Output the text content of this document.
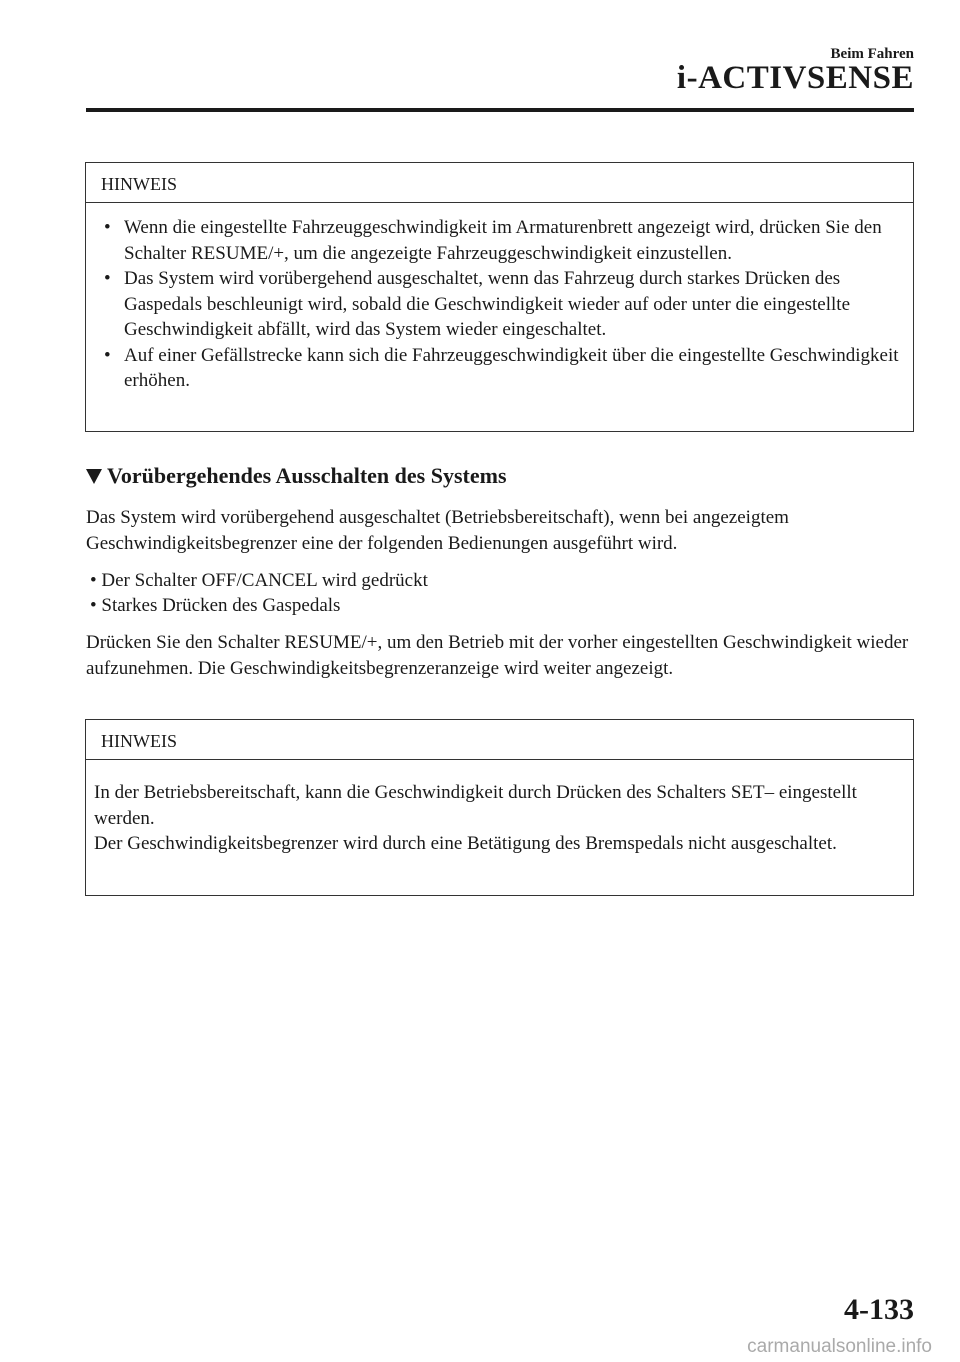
Beim Fahren
i-ACTIVSENSE
HINWEIS
• Wenn die eingestellte Fahrzeuggeschwindigkeit im Armaturenbrett angezeigt wird, drücken Sie den Schalter RESUME/+, um die angezeigte Fahrzeuggeschwindigkeit einzustellen.
• Das System wird vorübergehend ausgeschaltet, wenn das Fahrzeug durch starkes Drücken des Gaspedals beschleunigt wird, sobald die Geschwindigkeit wieder auf oder unter die eingestellte Geschwindigkeit abfällt, wird das System wieder eingeschaltet.
• Auf einer Gefällstrecke kann sich die Fahrzeuggeschwindigkeit über die eingestellte Geschwindigkeit erhöhen.
Vorübergehendes Ausschalten des Systems
Das System wird vorübergehend ausgeschaltet (Betriebsbereitschaft), wenn bei angezeigtem Geschwindigkeitsbegrenzer eine der folgenden Bedienungen ausgeführt wird.
• Der Schalter OFF/CANCEL wird gedrückt
• Starkes Drücken des Gaspedals
Drücken Sie den Schalter RESUME/+, um den Betrieb mit der vorher eingestellten Geschwindigkeit wieder aufzunehmen. Die Geschwindigkeitsbegrenzeranzeige wird weiter angezeigt.
HINWEIS
In der Betriebsbereitschaft, kann die Geschwindigkeit durch Drücken des Schalters SET– eingestellt werden.
Der Geschwindigkeitsbegrenzer wird durch eine Betätigung des Bremspedals nicht ausgeschaltet.
4-133
carmanualsonline.info
